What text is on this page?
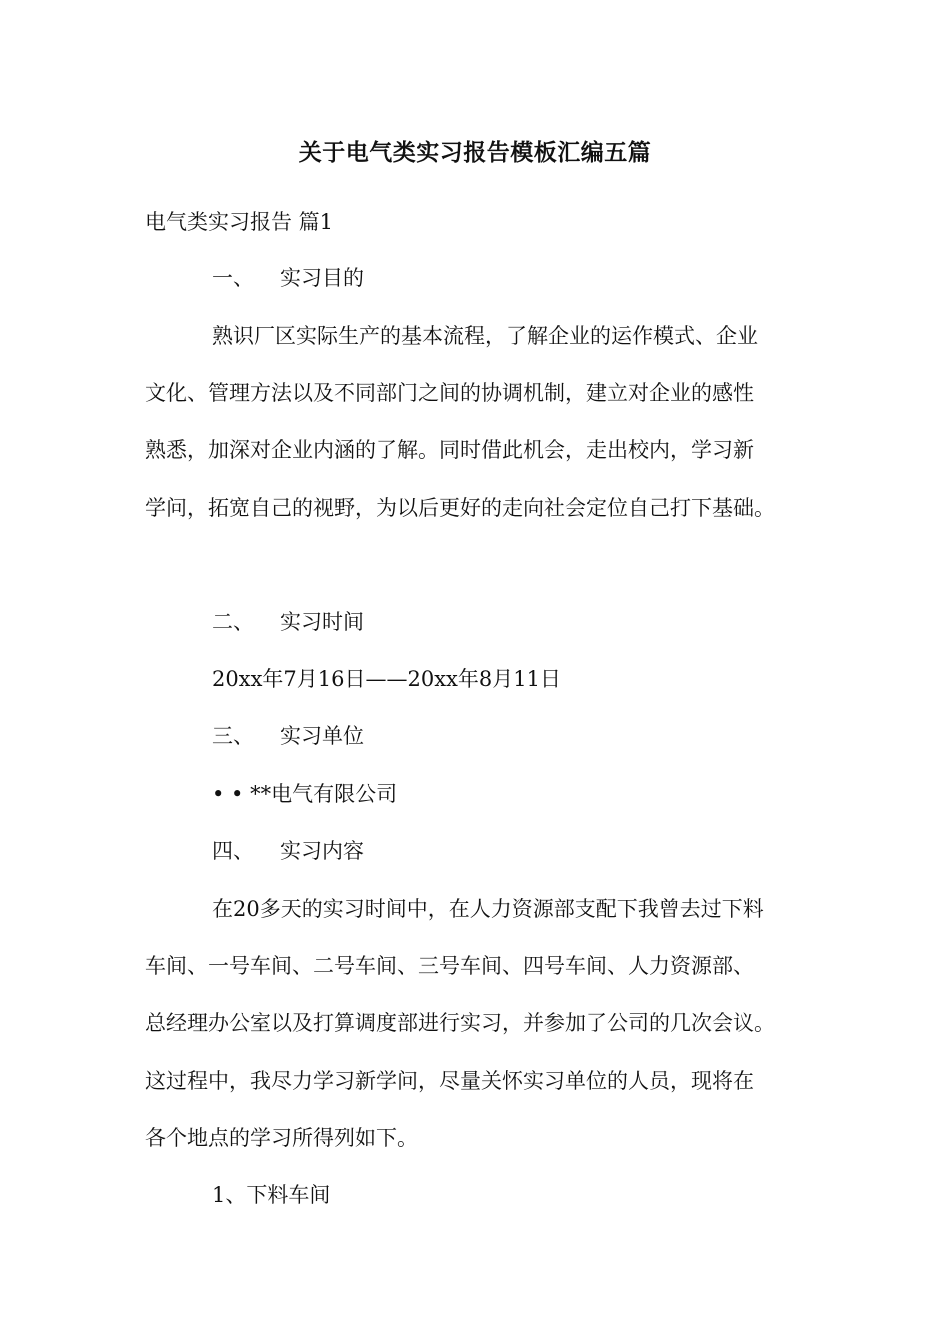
关于电气类实习报告模板汇编五篇
电气类实习报告 篇1
一、 实习目的
熟识厂区实际生产的基本流程，了解企业的运作模式、企业
文化、管理方法以及不同部门之间的协调机制，建立对企业的感性
熟悉，加深对企业内涵的了解。同时借此机会，走出校内，学习新
学问，拓宽自己的视野，为以后更好的走向社会定位自己打下基础。
二、 实习时间
20xx年7月16日——20xx年8月11日
三、 实习单位
• • **电气有限公司
四、 实习内容
在20多天的实习时间中，在人力资源部支配下我曾去过下料
车间、一号车间、二号车间、三号车间、四号车间、人力资源部、
总经理办公室以及打算调度部进行实习，并参加了公司的几次会议。
这过程中，我尽力学习新学问，尽量关怀实习单位的人员，现将在
各个地点的学习所得列如下。
1、下料车间
